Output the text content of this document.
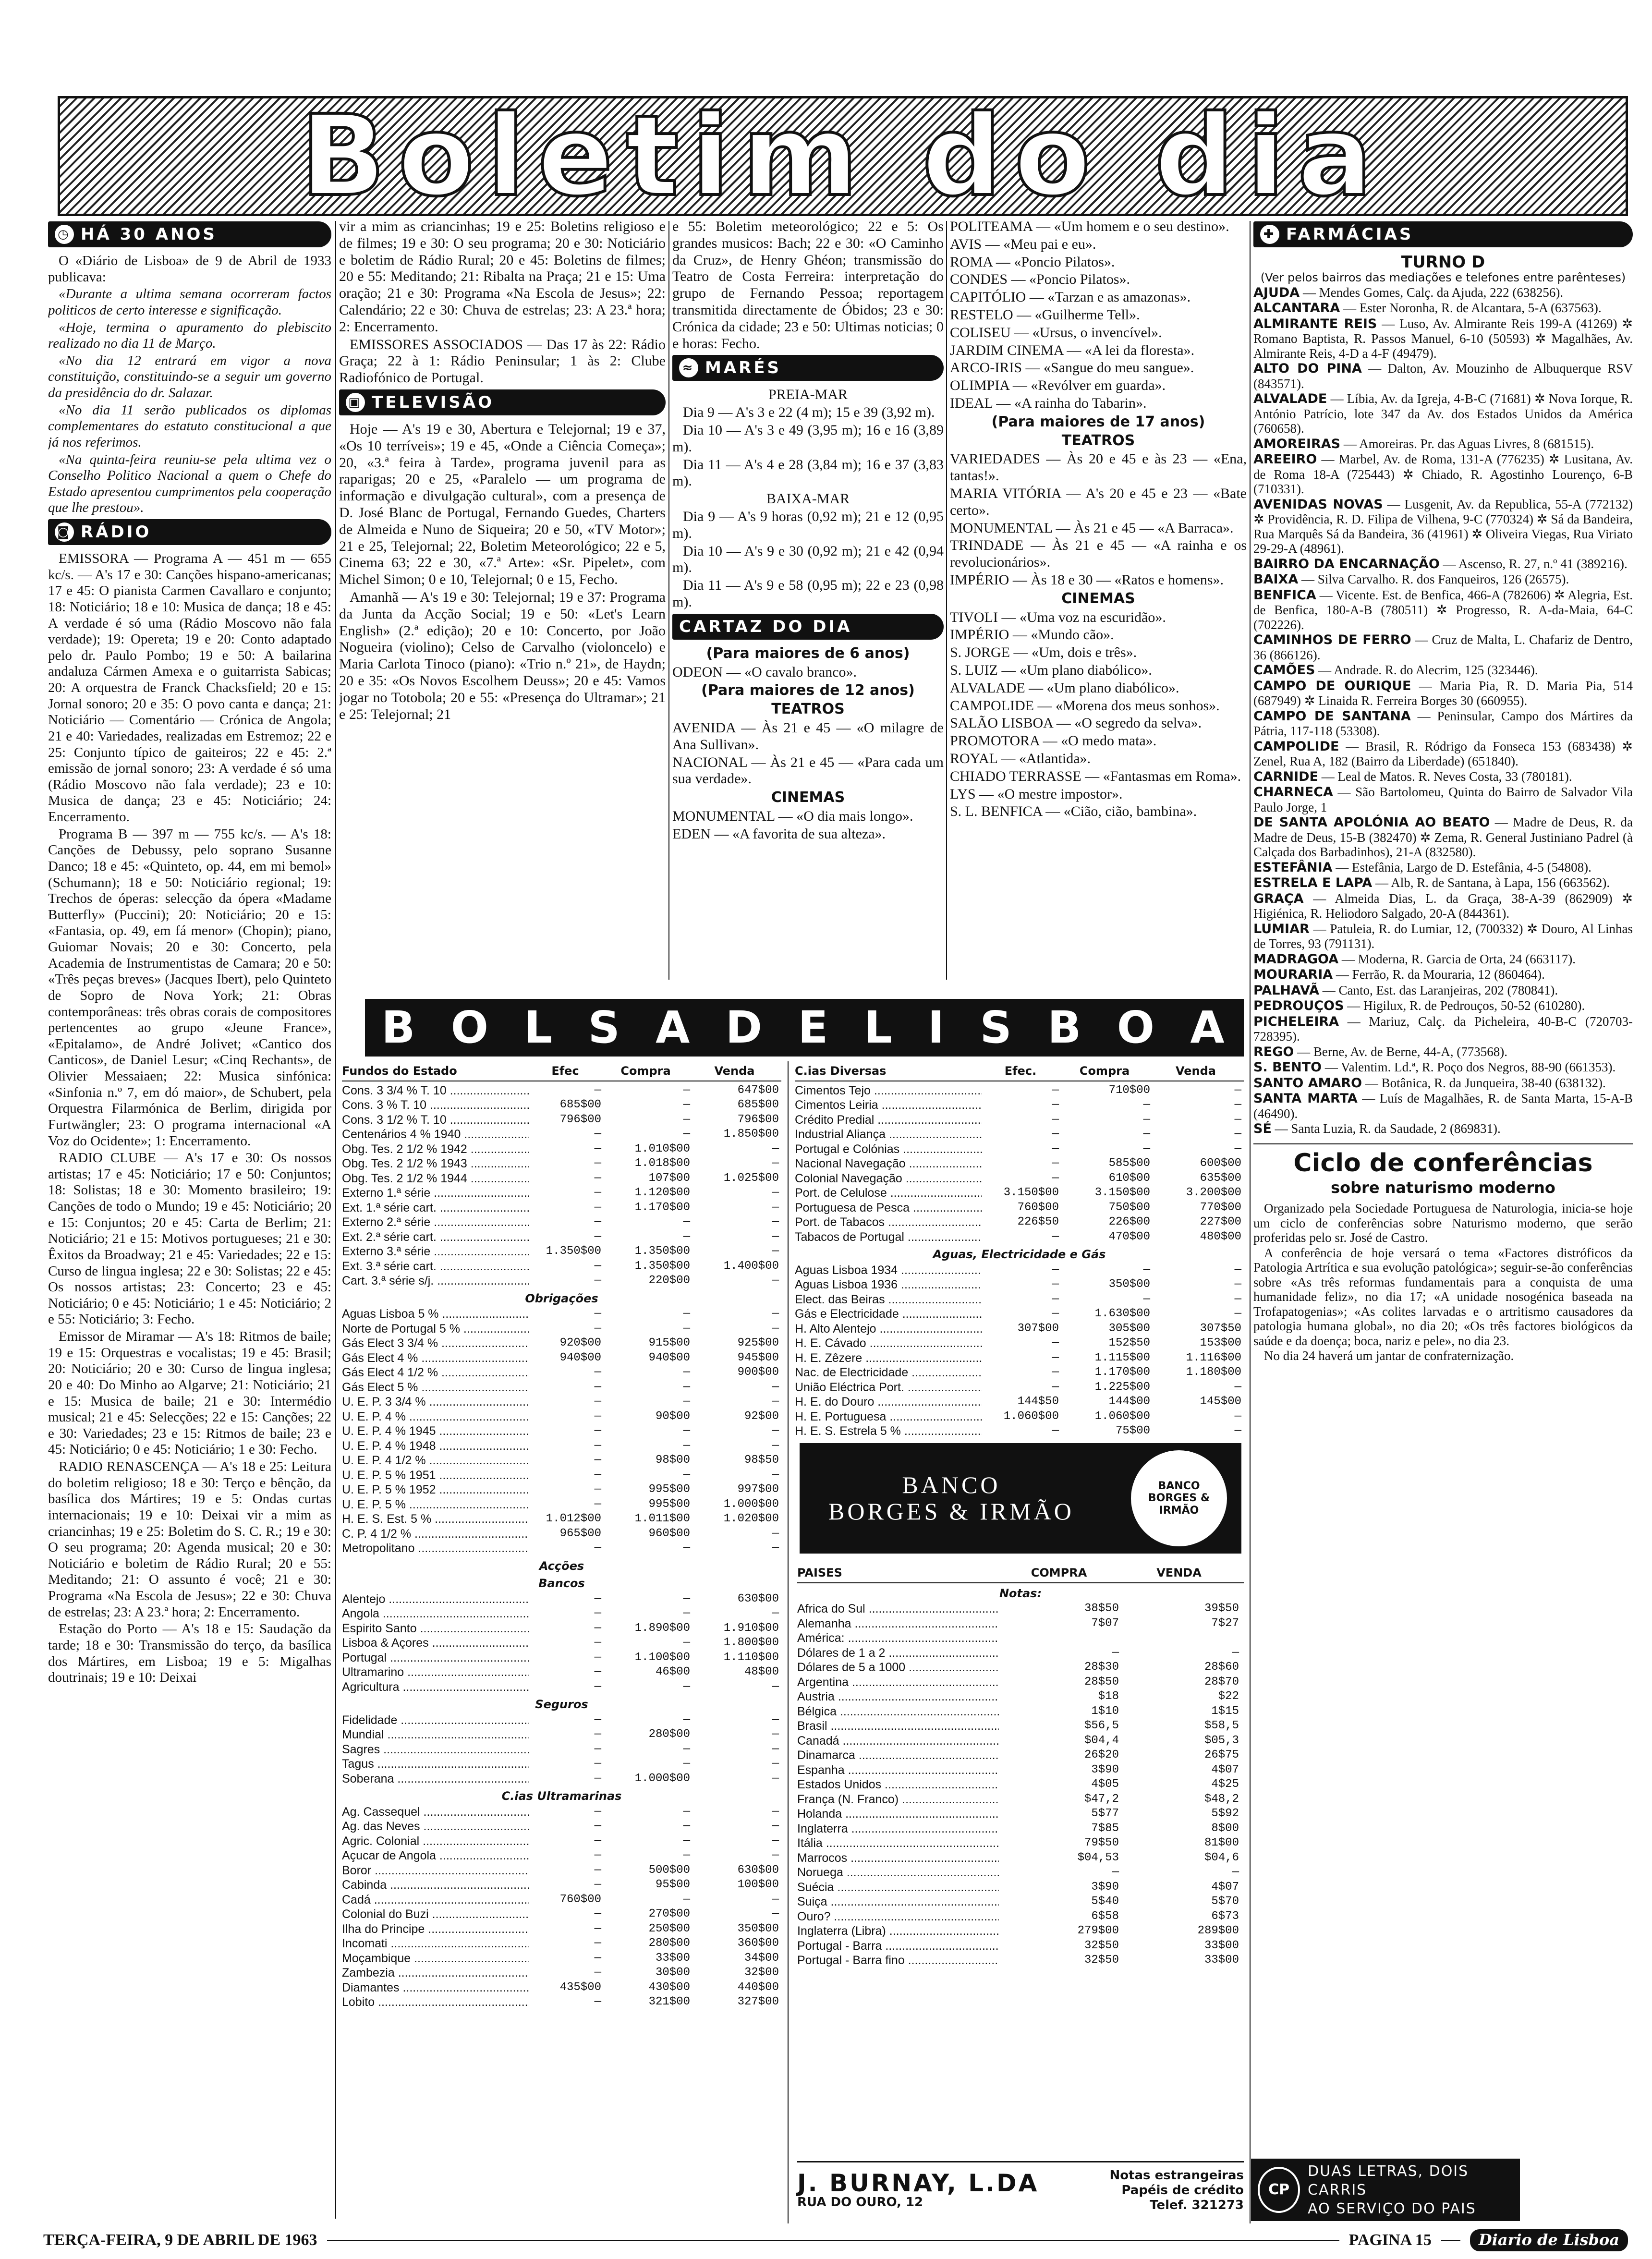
Boletim do dia
◷ HÁ 30 ANOS

O «Diário de Lisboa» de 9 de Abril de 1933 publicava:

«Durante a ultima semana ocorreram factos politicos de certo interesse e significação.

«Hoje, termina o apuramento do plebiscito realizado no dia 11 de Março.

«No dia 12 entrará em vigor a nova constituição, constituindo-se a seguir um governo da presidência do dr. Salazar.

«No dia 11 serão publicados os diplomas complementares do estatuto constitucional a que já nos referimos.

«Na quinta-feira reuniu-se pela ultima vez o Conselho Politico Nacional a quem o Chefe do Estado apresentou cumprimentos pela cooperação que lhe prestou».

◙ RÁDIO

EMISSORA — Programa A — 451 m — 655 kc/s. — A's 17 e 30: Canções hispano-americanas; 17 e 45: O pianista Carmen Cavallaro e conjunto; 18: Noticiário; 18 e 10: Musica de dança; 18 e 45: A verdade é só uma (Rádio Moscovo não fala verdade); 19: Opereta; 19 e 20: Conto adaptado pelo dr. Paulo Pombo; 19 e 50: A bailarina andaluza Cármen Amexa e o guitarrista Sabicas; 20: A orquestra de Franck Chacksfield; 20 e 15: Jornal sonoro; 20 e 35: O povo canta e dança; 21: Noticiário — Comentário — Crónica de Angola; 21 e 40: Variedades, realizadas em Estremoz; 22 e 25: Conjunto típico de gaiteiros; 22 e 45: 2.ª emissão de jornal sonoro; 23: A verdade é só uma (Rádio Moscovo não fala verdade); 23 e 10: Musica de dança; 23 e 45: Noticiário; 24: Encerramento.

Programa B — 397 m — 755 kc/s. — A's 18: Canções de Debussy, pelo soprano Susanne Danco; 18 e 45: «Quinteto, op. 44, em mi bemol» (Schumann); 18 e 50: Noticiário regional; 19: Trechos de óperas: selecção da ópera «Madame Butterfly» (Puccini); 20: Noticiário; 20 e 15: «Fantasia, op. 49, em fá menor» (Chopin); piano, Guiomar Novais; 20 e 30: Concerto, pela Academia de Instrumentistas de Camara; 20 e 50: «Três peças breves» (Jacques Ibert), pelo Quinteto de Sopro de Nova York; 21: Obras contemporâneas: três obras corais de compositores pertencentes ao grupo «Jeune France», «Epitalamo», de André Jolivet; «Cantico dos Canticos», de Daniel Lesur; «Cinq Rechants», de Olivier Messaiaen; 22: Musica sinfónica: «Sinfonia n.º 7, em dó maior», de Schubert, pela Orquestra Filarmónica de Berlim, dirigida por Furtwängler; 23: O programa internacional «A Voz do Ocidente»; 1: Encerramento.

RADIO CLUBE — A's 17 e 30: Os nossos artistas; 17 e 45: Noticiário; 17 e 50: Conjuntos; 18: Solistas; 18 e 30: Momento brasileiro; 19: Canções de todo o Mundo; 19 e 45: Noticiário; 20 e 15: Conjuntos; 20 e 45: Carta de Berlim; 21: Noticiário; 21 e 15: Motivos portugueses; 21 e 30: Êxitos da Broadway; 21 e 45: Variedades; 22 e 15: Curso de lingua inglesa; 22 e 30: Solistas; 22 e 45: Os nossos artistas; 23: Concerto; 23 e 45: Noticiário; 0 e 45: Noticiário; 1 e 45: Noticiário; 2 e 55: Noticiário; 3: Fecho.

Emissor de Miramar — A's 18: Ritmos de baile; 19 e 15: Orquestras e vocalistas; 19 e 45: Brasil; 20: Noticiário; 20 e 30: Curso de lingua inglesa; 20 e 40: Do Minho ao Algarve; 21: Noticiário; 21 e 15: Musica de baile; 21 e 30: Intermédio musical; 21 e 45: Selecções; 22 e 15: Canções; 22 e 30: Variedades; 23 e 15: Ritmos de baile; 23 e 45: Noticiário; 0 e 45: Noticiário; 1 e 30: Fecho.

RADIO RENASCENÇA — A's 18 e 25: Leitura do boletim religioso; 18 e 30: Terço e bênção, da basílica dos Mártires; 19 e 5: Ondas curtas internacionais; 19 e 10: Deixai vir a mim as criancinhas; 19 e 25: Boletim do S. C. R.; 19 e 30: O seu programa; 20: Agenda musical; 20 e 30: Noticiário e boletim de Rádio Rural; 20 e 55: Meditando; 21: O assunto é você; 21 e 30: Programa «Na Escola de Jesus»; 22 e 30: Chuva de estrelas; 23: A 23.ª hora; 2: Encerramento.

Estação do Porto — A's 18 e 15: Saudação da tarde; 18 e 30: Transmissão do terço, da basílica dos Mártires, em Lisboa; 19 e 5: Migalhas doutrinais; 19 e 10: Deixai

vir a mim as criancinhas; 19 e 25: Boletins religioso e de filmes; 19 e 30: O seu programa; 20 e 30: Noticiário e boletim de Rádio Rural; 20 e 45: Boletins de filmes; 20 e 55: Meditando; 21: Ribalta na Praça; 21 e 15: Uma oração; 21 e 30: Programa «Na Escola de Jesus»; 22: Calendário; 22 e 30: Chuva de estrelas; 23: A 23.ª hora; 2: Encerramento.

EMISSORES ASSOCIADOS — Das 17 às 22: Rádio Graça; 22 à 1: Rádio Peninsular; 1 às 2: Clube Radiofónico de Portugal.

▣ TELEVISÃO

Hoje — A's 19 e 30, Abertura e Telejornal; 19 e 37, «Os 10 terríveis»; 19 e 45, «Onde a Ciência Começa»; 20, «3.ª feira à Tarde», programa juvenil para as raparigas; 20 e 25, «Paralelo — um programa de informação e divulgação cultural», com a presença de D. José Blanc de Portugal, Fernando Guedes, Charters de Almeida e Nuno de Siqueira; 20 e 50, «TV Motor»; 21 e 25, Telejornal; 22, Boletim Meteorológico; 22 e 5, Cinema 63; 22 e 30, «7.ª Arte»: «Sr. Pipelet», com Michel Simon; 0 e 10, Telejornal; 0 e 15, Fecho.

Amanhã — A's 19 e 30: Telejornal; 19 e 37: Programa da Junta da Acção Social; 19 e 50: «Let's Learn English» (2.ª edição); 20 e 10: Concerto, por João Nogueira (violino); Celso de Carvalho (violoncelo) e Maria Carlota Tinoco (piano): «Trio n.º 21», de Haydn; 20 e 35: «Os Novos Escolhem Deuss»; 20 e 45: Vamos jogar no Totobola; 20 e 55: «Presença do Ultramar»; 21 e 25: Telejornal; 21

e 55: Boletim meteorológico; 22 e 5: Os grandes musicos: Bach; 22 e 30: «O Caminho da Cruz», de Henry Ghéon; transmissão do Teatro de Costa Ferreira: interpretação do grupo de Fernando Pessoa; reportagem transmitida directamente de Óbidos; 23 e 30: Crónica da cidade; 23 e 50: Ultimas noticias; 0 e horas: Fecho.

≈ MARÉS

PREIA-MAR

Dia 9 — A's 3 e 22 (4 m); 15 e 39 (3,92 m).

Dia 10 — A's 3 e 49 (3,95 m); 16 e 16 (3,89 m).

Dia 11 — A's 4 e 28 (3,84 m); 16 e 37 (3,83 m).

BAIXA-MAR

Dia 9 — A's 9 horas (0,92 m); 21 e 12 (0,95 m).

Dia 10 — A's 9 e 30 (0,92 m); 21 e 42 (0,94 m).

Dia 11 — A's 9 e 58 (0,95 m); 22 e 23 (0,98 m).

CARTAZ DO DIA
(Para maiores de 6 anos)

ODEON — «O cavalo branco».

(Para maiores de 12 anos)
TEATROS

AVENIDA — Às 21 e 45 — «O milagre de Ana Sullivan».

NACIONAL — Às 21 e 45 — «Para cada um sua verdade».

CINEMAS

MONUMENTAL — «O dia mais longo».

EDEN — «A favorita de sua alteza».

POLITEAMA — «Um homem e o seu destino».

AVIS — «Meu pai e eu».

ROMA — «Poncio Pilatos».

CONDES — «Poncio Pilatos».

CAPITÓLIO — «Tarzan e as amazonas».

RESTELO — «Guilherme Tell».

COLISEU — «Ursus, o invencível».

JARDIM CINEMA — «A lei da floresta».

ARCO-IRIS — «Sangue do meu sangue».

OLIMPIA — «Revólver em guarda».

IDEAL — «A rainha do Tabarin».

(Para maiores de 17 anos)
TEATROS

VARIEDADES — Às 20 e 45 e às 23 — «Ena, tantas!».

MARIA VITÓRIA — A's 20 e 45 e 23 — «Bate certo».

MONUMENTAL — Às 21 e 45 — «A Barraca».

TRINDADE — Às 21 e 45 — «A rainha e os revolucionários».

IMPÉRIO — Às 18 e 30 — «Ratos e homens».

CINEMAS

TIVOLI — «Uma voz na escuridão».

IMPÉRIO — «Mundo cão».

S. JORGE — «Um, dois e três».

S. LUIZ — «Um plano diabólico».

ALVALADE — «Um plano diabólico».

CAMPOLIDE — «Morena dos meus sonhos».

SALÃO LISBOA — «O segredo da selva».

PROMOTORA — «O medo mata».

ROYAL — «Atlantida».

CHIADO TERRASSE — «Fantasmas em Roma».

LYS — «O mestre impostor».

S. L. BENFICA — «Cião, cião, bambina».

✚ FARMÁCIAS
TURNO D

(Ver pelos bairros das mediações e telefones entre parênteses)

AJUDA — Mendes Gomes, Calç. da Ajuda, 222 (638256).

ALCANTARA — Ester Noronha, R. de Alcantara, 5-A (637563).

ALMIRANTE REIS — Luso, Av. Almirante Reis 199-A (41269) ✲ Romano Baptista, R. Passos Manuel, 6-10 (50593) ✲ Magalhães, Av. Almirante Reis, 4-D a 4-F (49479).

ALTO DO PINA — Dalton, Av. Mouzinho de Albuquerque RSV (843571).

ALVALADE — Líbia, Av. da Igreja, 4-B-C (71681) ✲ Nova Iorque, R. António Patrício, lote 347 da Av. dos Estados Unidos da América (760658).

AMOREIRAS — Amoreiras. Pr. das Aguas Livres, 8 (681515).

AREEIRO — Marbel, Av. de Roma, 131-A (776235) ✲ Lusitana, Av. de Roma 18-A (725443) ✲ Chiado, R. Agostinho Lourenço, 6-B (710331).

AVENIDAS NOVAS — Lusgenit, Av. da Republica, 55-A (772132) ✲ Providência, R. D. Filipa de Vilhena, 9-C (770324) ✲ Sá da Bandeira, Rua Marquês Sá da Bandeira, 36 (41961) ✲ Oliveira Viegas, Rua Viriato 29-29-A (48961).

BAIRRO DA ENCARNAÇÃO — Ascenso, R. 27, n.º 41 (389216).

BAIXA — Silva Carvalho. R. dos Fanqueiros, 126 (26575).

BENFICA — Vicente. Est. de Benfica, 466-A (782606) ✲ Alegria, Est. de Benfica, 180-A-B (780511) ✲ Progresso, R. A-da-Maia, 64-C (702226).

CAMINHOS DE FERRO — Cruz de Malta, L. Chafariz de Dentro, 36 (866126).

CAMÕES — Andrade. R. do Alecrim, 125 (323446).

CAMPO DE OURIQUE — Maria Pia, R. D. Maria Pia, 514 (687949) ✲ Linaida R. Ferreira Borges 30 (660955).

CAMPO DE SANTANA — Peninsular, Campo dos Mártires da Pátria, 117-118 (53308).

CAMPOLIDE — Brasil, R. Ródrigo da Fonseca 153 (683438) ✲ Zenel, Rua A, 182 (Bairro da Liberdade) (651840).

CARNIDE — Leal de Matos. R. Neves Costa, 33 (780181).

CHARNECA — São Bartolomeu, Quinta do Bairro de Salvador Vila Paulo Jorge, 1

DE SANTA APOLÓNIA AO BEATO — Madre de Deus, R. da Madre de Deus, 15-B (382470) ✲ Zema, R. General Justiniano Padrel (à Calçada dos Barbadinhos), 21-A (832580).

ESTEFÂNIA — Estefânia, Largo de D. Estefânia, 4-5 (54808).

ESTRELA E LAPA — Alb, R. de Santana, à Lapa, 156 (663562).

GRAÇA — Almeida Dias, L. da Graça, 38-A-39 (862909) ✲ Higiénica, R. Heliodoro Salgado, 20-A (844361).

LUMIAR — Patuleia, R. do Lumiar, 12, (700332) ✲ Douro, Al Linhas de Torres, 93 (791131).

MADRAGOA — Moderna, R. Garcia de Orta, 24 (663117).

MOURARIA — Ferrão, R. da Mouraria, 12 (860464).

PALHAVÃ — Canto, Est. das Laranjeiras, 202 (780841).

PEDROUÇOS — Higilux, R. de Pedrouços, 50-52 (610280).

PICHELEIRA — Mariuz, Calç. da Picheleira, 40-B-C (720703-728395).

REGO — Berne, Av. de Berne, 44-A, (773568).

S. BENTO — Valentim. Ld.ª, R. Poço dos Negros, 88-90 (661353).

SANTO AMARO — Botânica, R. da Junqueira, 38-40 (638132).

SANTA MARTA — Luís de Magalhães, R. de Santa Marta, 15-A-B (46490).

SÉ — Santa Luzia, R. da Saudade, 2 (869831).

Ciclo de conferências
sobre naturismo moderno

Organizado pela Sociedade Portuguesa de Naturologia, inicia-se hoje um ciclo de conferências sobre Naturismo moderno, que serão proferidas pelo sr. José de Castro.

A conferência de hoje versará o tema «Factores distróficos da Patologia Artrítica e sua evolução patológica»; seguir-se-ão conferências sobre «As três reformas fundamentais para a conquista de uma humanidade feliz», no dia 17; «A unidade nosogénica baseada na Trofapatogenias»; «As colites larvadas e o artritismo causadores da patologia humana global», no dia 20; «Os três factores biológicos da saúde e da doença; boca, nariz e pele», no dia 23.

No dia 24 haverá um jantar de confraternização.

B O L S A D E L I S B O A
Fundos do Estado	Efec	Compra	Venda
Cons. 3 3/4 % T. 10 .....	—	—	647$00
Cons. 3 % T. 10 .....	685$00	—	685$00
Cons. 3 1/2 % T. 10 .....	796$00	—	796$00
Centenários 4 % 1940 .....	—	—	1.850$00
Obg. Tes. 2 1/2 % 1942 .....	—	1.010$00	—
Obg. Tes. 2 1/2 % 1943 .....	—	1.018$00	—
Obg. Tes. 2 1/2 % 1944 .....	—	107$00	1.025$00
Externo 1.ª série .....	—	1.120$00	—
Ext. 1.ª série cart. .....	—	1.170$00	—
Externo 2.ª série .....	—	—	—
Ext. 2.ª série cart. .....	—	—	—
Externo 3.ª série .....	1.350$00	1.350$00	—
Ext. 3.ª série cart. .....	—	1.350$00	1.400$00
Cart. 3.ª série s/j. .....	—	220$00	—
Obrigações
Aguas Lisboa 5 % .....	—	—	—
Norte de Portugal 5 % .....	—	—	—
Gás Elect 3 3/4 % .....	920$00	915$00	925$00
Gás Elect 4 % .....	940$00	940$00	945$00
Gás Elect 4 1/2 % .....	—	—	900$00
Gás Elect 5 % .....	—	—	—
U. E. P. 3 3/4 % .....	—	—	—
U. E. P. 4 % .....	—	90$00	92$00
U. E. P. 4 % 1945 .....	—	—	—
U. E. P. 4 % 1948 .....	—	—	—
U. E. P. 4 1/2 % .....	—	98$00	98$50
U. E. P. 5 % 1951 .....	—	—	—
U. E. P. 5 % 1952 .....	—	995$00	997$00
U. E. P. 5 % .....	—	995$00	1.000$00
H. E. S. Est. 5 % .....	1.012$00	1.011$00	1.020$00
C. P. 4 1/2 % .....	965$00	960$00	—
Metropolitano .....	—	—	—
Acções
Bancos
Alentejo .....	—	—	630$00
Angola .....	—	—	—
Espirito Santo .....	—	1.890$00	1.910$00
Lisboa & Açores .....	—	—	1.800$00
Portugal .....	—	1.100$00	1.110$00
Ultramarino .....	—	46$00	48$00
Agricultura .....	—	—	—
Seguros
Fidelidade .....	—	—	—
Mundial .....	—	280$00	—
Sagres .....	—	—	—
Tagus .....	—	—	—
Soberana .....	—	1.000$00	—
C.ias Ultramarinas
Ag. Cassequel .....	—	—	—
Ag. das Neves .....	—	—	—
Agric. Colonial .....	—	—	—
Açucar de Angola .....	—	—	—
Boror .....	—	500$00	630$00
Cabinda .....	—	95$00	100$00
Cadá .....	760$00	—	—
Colonial do Buzi .....	—	270$00	—
Ilha do Principe .....	—	250$00	350$00
Incomati .....	—	280$00	360$00
Moçambique .....	—	33$00	34$00
Zambezia .....	—	30$00	32$00
Diamantes .....	435$00	430$00	440$00
Lobito .....	—	321$00	327$00
C.ias Diversas	Efec.	Compra	Venda
Cimentos Tejo .....	—	710$00	—
Cimentos Leiria .....	—	—	—
Crédito Predial .....	—	—	—
Industrial Aliança .....	—	—	—
Portugal e Colónias .....	—	—	—
Nacional Navegação .....	—	585$00	600$00
Colonial Navegação .....	—	610$00	635$00
Port. de Celulose .....	3.150$00	3.150$00	3.200$00
Portuguesa de Pesca .....	760$00	750$00	770$00
Port. de Tabacos .....	226$50	226$00	227$00
Tabacos de Portugal .....	—	470$00	480$00
Aguas, Electricidade e Gás
Aguas Lisboa 1934 .....	—	—	—
Aguas Lisboa 1936 .....	—	350$00	—
Elect. das Beiras .....	—	—	—
Gás e Electricidade .....	—	1.630$00	—
H. Alto Alentejo .....	307$00	305$00	307$50
H. E. Cávado .....	—	152$50	153$00
H. E. Zêzere .....	—	1.115$00	1.116$00
Nac. de Electricidade .....	—	1.170$00	1.180$00
União Eléctrica Port. .....	—	1.225$00	—
H. E. do Douro .....	144$50	144$00	145$00
H. E. Portuguesa .....	1.060$00	1.060$00	—
H. E. S. Estrela 5 % .....	—	75$00	—
BANCO
BORGES & IRMÃO
BANCO BORGES & IRMÃO
PAISES	COMPRA	VENDA
Notas:
Africa do Sul .....	38$50	39$50
Alemanha .....	7$07	7$27
América: .....
Dólares de 1 a 2 .....	—	—
Dólares de 5 a 1000 .....	28$30	28$60
Argentina .....	28$50	28$70
Austria .....	$18	$22
Bélgica .....	1$10	1$15
Brasil .....	$56,5	$58,5
Canadá .....	$04,4	$05,3
Dinamarca .....	26$20	26$75
Espanha .....	3$90	4$07
Estados Unidos .....	4$05	4$25
França (N. Franco) .....	$47,2	$48,2
Holanda .....	5$77	5$92
Inglaterra .....	7$85	8$00
Itália .....	79$50	81$00
Marrocos .....	$04,53	$04,6
Noruega .....	—	—
Suécia .....	3$90	4$07
Suiça .....	5$40	5$70
Ouro? .....	6$58	6$73
Inglaterra (Libra) .....	279$00	289$00
Portugal - Barra .....	32$50	33$00
Portugal - Barra fino .....	32$50	33$00
J. BURNAY, L.DA
RUA DO OURO, 12
Notas estrangeiras
Papéis de crédito
Telef. 321273
CP
DUAS LETRAS, DOIS CARRIS
AO SERVIÇO DO PAIS
TERÇA-FEIRA, 9 DE ABRIL DE 1963	PAGINA 15	Diario de Lisboa
